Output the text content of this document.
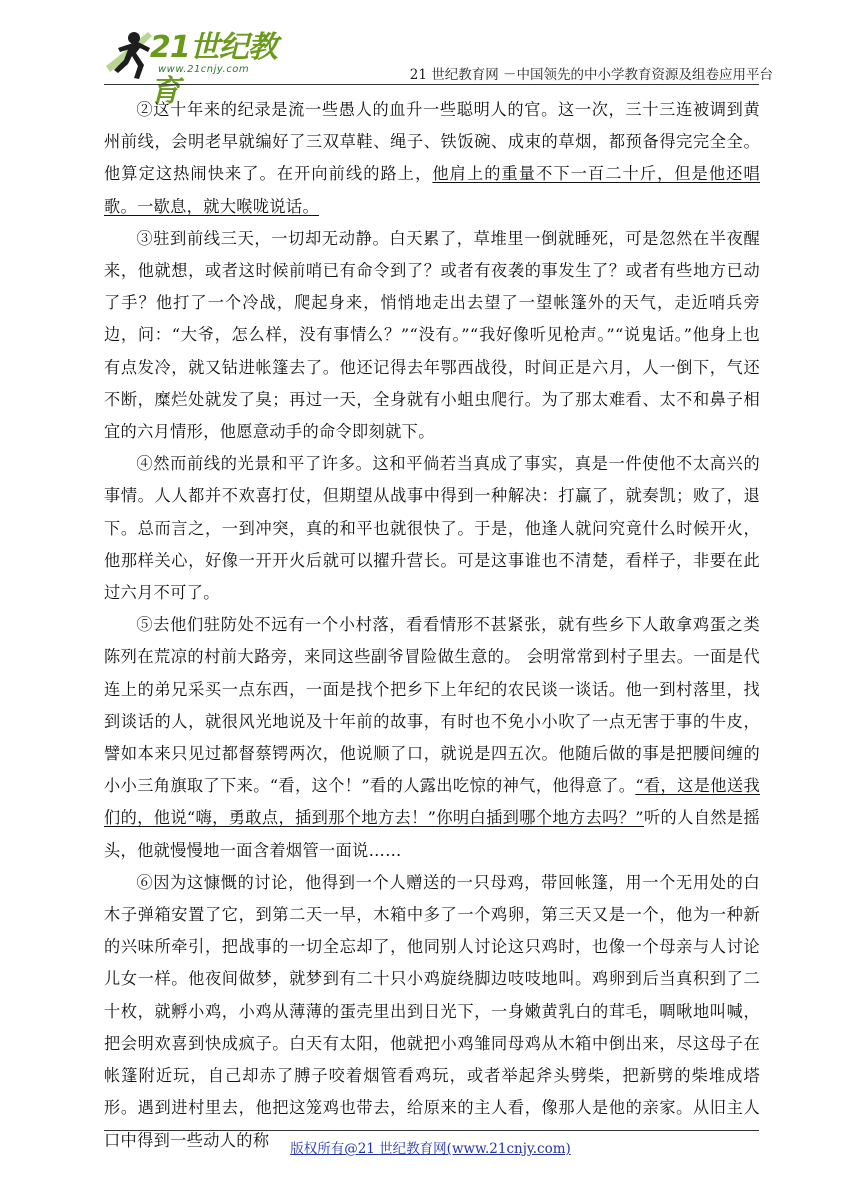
21世纪教育
www.21cnjy.com	21 世纪教育网 －中国领先的中小学教育资源及组卷应用平台

②这十年来的纪录是流一些愚人的血升一些聪明人的官。这一次，三十三连被调到黄州前线，会明老早就编好了三双草鞋、绳子、铁饭碗、成束的草烟，都预备得完完全全。他算定这热闹快来了。在开向前线的路上，他肩上的重量不下一百二十斤，但是他还唱歌。一歇息，就大喉咙说话。

③驻到前线三天，一切却无动静。白天累了，草堆里一倒就睡死，可是忽然在半夜醒来，他就想，或者这时候前哨已有命令到了？或者有夜袭的事发生了？或者有些地方已动了手？他打了一个冷战，爬起身来，悄悄地走出去望了一望帐篷外的天气，走近哨兵旁边，问：“大爷，怎么样，没有事情么？”“没有。”“我好像听见枪声。”“说鬼话。”他身上也有点发冷，就又钻进帐篷去了。他还记得去年鄂西战役，时间正是六月，人一倒下，气还不断，糜烂处就发了臭；再过一天，全身就有小蛆虫爬行。为了那太难看、太不和鼻子相宜的六月情形，他愿意动手的命令即刻就下。

④然而前线的光景和平了许多。这和平倘若当真成了事实，真是一件使他不太高兴的事情。人人都并不欢喜打仗，但期望从战事中得到一种解决：打赢了，就奏凯；败了，退下。总而言之，一到冲突，真的和平也就很快了。于是，他逢人就问究竟什么时候开火，他那样关心，好像一开开火后就可以擢升营长。可是这事谁也不清楚，看样子，非要在此过六月不可了。

⑤去他们驻防处不远有一个小村落，看看情形不甚紧张，就有些乡下人敢拿鸡蛋之类陈列在荒凉的村前大路旁，来同这些副爷冒险做生意的。 会明常常到村子里去。一面是代连上的弟兄采买一点东西，一面是找个把乡下上年纪的农民谈一谈话。他一到村落里，找到谈话的人，就很风光地说及十年前的故事，有时也不免小小吹了一点无害于事的牛皮，譬如本来只见过都督蔡锷两次，他说顺了口，就说是四五次。他随后做的事是把腰间缠的小小三角旗取了下来。“看，这个！”看的人露出吃惊的神气，他得意了。“看，这是他送我们的，他说“嗨，勇敢点，插到那个地方去！”你明白插到哪个地方去吗？”听的人自然是摇头，他就慢慢地一面含着烟管一面说……

⑥因为这慷慨的讨论，他得到一个人赠送的一只母鸡，带回帐篷，用一个无用处的白木子弹箱安置了它，到第二天一早，木箱中多了一个鸡卵，第三天又是一个，他为一种新的兴味所牵引，把战事的一切全忘却了，他同别人讨论这只鸡时，也像一个母亲与人讨论儿女一样。他夜间做梦，就梦到有二十只小鸡旋绕脚边吱吱地叫。鸡卵到后当真积到了二十枚，就孵小鸡，小鸡从薄薄的蛋壳里出到日光下，一身嫩黄乳白的茸毛，啁啾地叫喊，把会明欢喜到快成疯子。白天有太阳，他就把小鸡雏同母鸡从木箱中倒出来，尽这母子在帐篷附近玩，自己却赤了膊子咬着烟管看鸡玩，或者举起斧头劈柴，把新劈的柴堆成塔形。遇到进村里去，他把这笼鸡也带去，给原来的主人看，像那人是他的亲家。从旧主人口中得到一些动人的称	版权所有@21 世纪教育网(www.21cnjy.com)
